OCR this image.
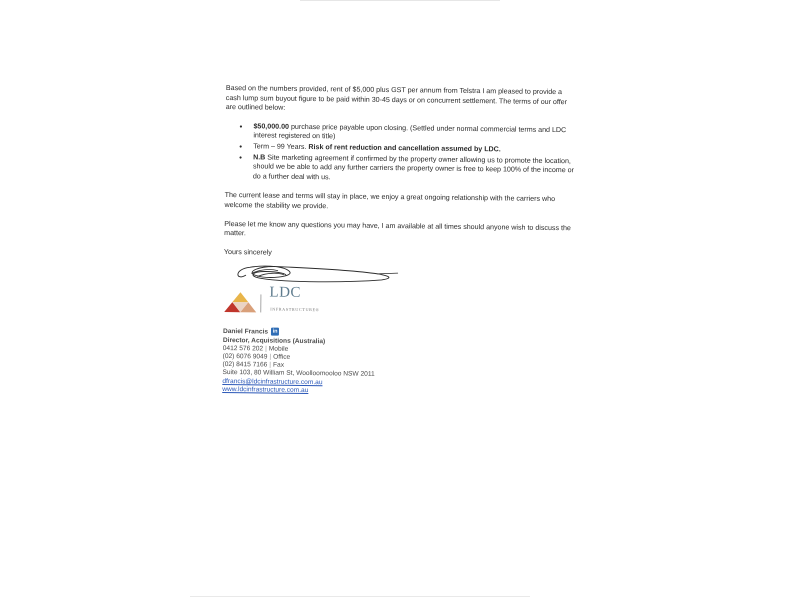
Based on the numbers provided, rent of $5,000 plus GST per annum from Telstra I am pleased to provide a cash lump sum buyout figure to be paid within 30-45 days or on concurrent settlement. The terms of our offer are outlined below:

• $50,000.00 purchase price payable upon closing. (Settled under normal commercial terms and LDC interest registered on title)
• Term – 99 Years. Risk of rent reduction and cancellation assumed by LDC.
• N.B Site marketing agreement if confirmed by the property owner allowing us to promote the location, should we be able to add any further carriers the property owner is free to keep 100% of the income or do a further deal with us.

The current lease and terms will stay in place, we enjoy a great ongoing relationship with the carriers who welcome the stability we provide.

Please let me know any questions you may have, I am available at all times should anyone wish to discuss the matter.

Yours sincerely

LDC
INFRASTRUCTURE®
Daniel Francis in
Director, Acquisitions (Australia)
0412 576 202 | Mobile
(02) 6076 9049 | Office
(02) 8415 7166 | Fax
Suite 103, 80 William St, Woolloomooloo NSW 2011
dfrancis@ldcinfrastructure.com.au
www.ldcinfrastructure.com.au
